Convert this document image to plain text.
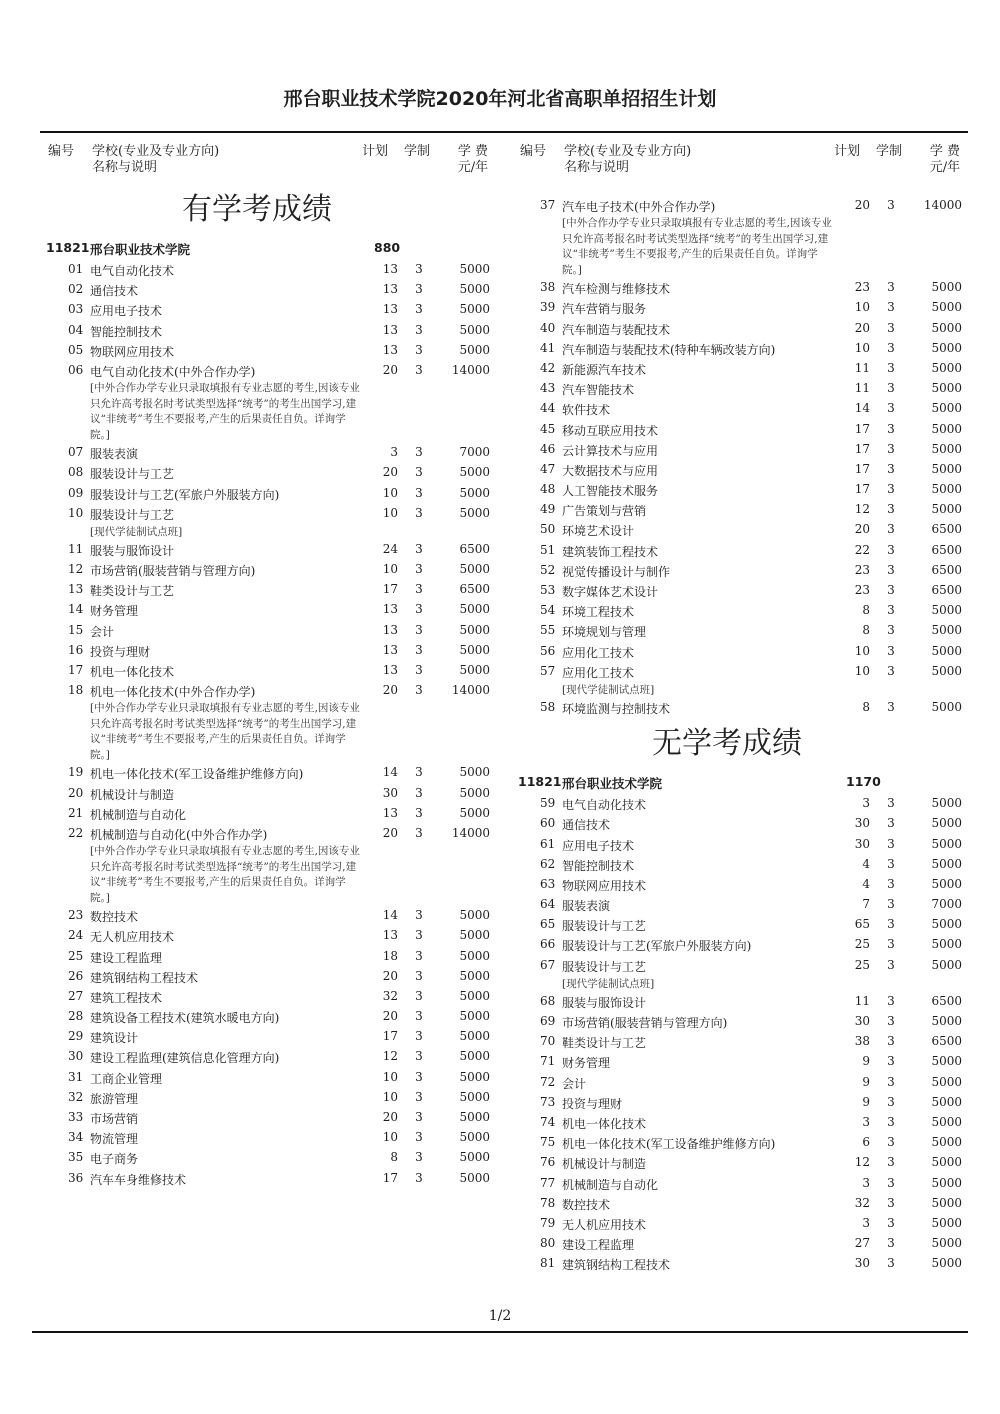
邢台职业技术学院2020年河北省高职单招招生计划
编号 学校(专业及专业方向)
名称与说明
计划 学制	学 费
元/年
有学考成绩
11821 邢台职业技术学院	880
01 电气自动化技术	13 3	5000
02 通信技术	13 3	5000
03 应用电子技术	13 3	5000
04 智能控制技术	13 3	5000
05 物联网应用技术	13 3	5000
06 电气自动化技术(中外合作办学)	20 3	14000
[中外合作办学专业只录取填报有专业志愿的考生,因该专业只允许高考报名时考试类型选择“统考”的考生出国学习,建议“非统考”考生不要报考,产生的后果责任自负。详询学院。]
07 服装表演	3 3	7000
08 服装设计与工艺	20 3	5000
09 服装设计与工艺(军旅户外服装方向)	10 3	5000
10 服装设计与工艺	10 3	5000
[现代学徒制试点班]
11 服装与服饰设计	24 3	6500
12 市场营销(服装营销与管理方向)	10 3	5000
13 鞋类设计与工艺	17 3	6500
14 财务管理	13 3	5000
15 会计	13 3	5000
16 投资与理财	13 3	5000
17 机电一体化技术	13 3	5000
18 机电一体化技术(中外合作办学)	20 3	14000
[中外合作办学专业只录取填报有专业志愿的考生,因该专业只允许高考报名时考试类型选择“统考”的考生出国学习,建议“非统考”考生不要报考,产生的后果责任自负。详询学院。]
19 机电一体化技术(军工设备维护维修方向)	14 3	5000
20 机械设计与制造	30 3	5000
21 机械制造与自动化	13 3	5000
22 机械制造与自动化(中外合作办学)	20 3	14000
[中外合作办学专业只录取填报有专业志愿的考生,因该专业只允许高考报名时考试类型选择“统考”的考生出国学习,建议“非统考”考生不要报考,产生的后果责任自负。详询学院。]
23 数控技术	14 3	5000
24 无人机应用技术	13 3	5000
25 建设工程监理	18 3	5000
26 建筑钢结构工程技术	20 3	5000
27 建筑工程技术	32 3	5000
28 建筑设备工程技术(建筑水暖电方向)	20 3	5000
29 建筑设计	17 3	5000
30 建设工程监理(建筑信息化管理方向)	12 3	5000
31 工商企业管理	10 3	5000
32 旅游管理	10 3	5000
33 市场营销	20 3	5000
34 物流管理	10 3	5000
35 电子商务	8 3	5000
36 汽车车身维修技术	17 3	5000
编号 学校(专业及专业方向)
名称与说明
计划 学制	学 费
元/年
37 汽车电子技术(中外合作办学)	20 3	14000
[中外合作办学专业只录取填报有专业志愿的考生,因该专业只允许高考报名时考试类型选择“统考”的考生出国学习,建议“非统考”考生不要报考,产生的后果责任自负。详询学院。]
38 汽车检测与维修技术	23 3	5000
39 汽车营销与服务	10 3	5000
40 汽车制造与装配技术	20 3	5000
41 汽车制造与装配技术(特种车辆改装方向)	10 3	5000
42 新能源汽车技术	11 3	5000
43 汽车智能技术	11 3	5000
44 软件技术	14 3	5000
45 移动互联应用技术	17 3	5000
46 云计算技术与应用	17 3	5000
47 大数据技术与应用	17 3	5000
48 人工智能技术服务	17 3	5000
49 广告策划与营销	12 3	5000
50 环境艺术设计	20 3	6500
51 建筑装饰工程技术	22 3	6500
52 视觉传播设计与制作	23 3	6500
53 数字媒体艺术设计	23 3	6500
54 环境工程技术	8 3	5000
55 环境规划与管理	8 3	5000
56 应用化工技术	10 3	5000
57 应用化工技术	10 3	5000
[现代学徒制试点班]
58 环境监测与控制技术	8 3	5000
无学考成绩
11821 邢台职业技术学院	1170
59 电气自动化技术	3 3	5000
60 通信技术	30 3	5000
61 应用电子技术	30 3	5000
62 智能控制技术	4 3	5000
63 物联网应用技术	4 3	5000
64 服装表演	7 3	7000
65 服装设计与工艺	65 3	5000
66 服装设计与工艺(军旅户外服装方向)	25 3	5000
67 服装设计与工艺	25 3	5000
[现代学徒制试点班]
68 服装与服饰设计	11 3	6500
69 市场营销(服装营销与管理方向)	30 3	5000
70 鞋类设计与工艺	38 3	6500
71 财务管理	9 3	5000
72 会计	9 3	5000
73 投资与理财	9 3	5000
74 机电一体化技术	3 3	5000
75 机电一体化技术(军工设备维护维修方向)	6 3	5000
76 机械设计与制造	12 3	5000
77 机械制造与自动化	3 3	5000
78 数控技术	32 3	5000
79 无人机应用技术	3 3	5000
80 建设工程监理	27 3	5000
81 建筑钢结构工程技术	30 3	5000
1/2
